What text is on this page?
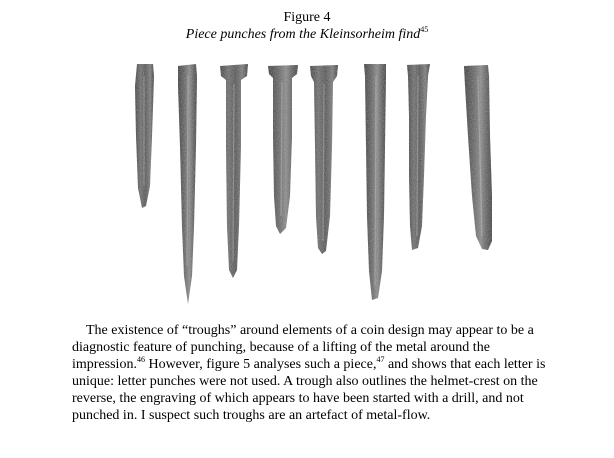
Figure 4
Piece punches from the Kleinsorheim find$^{45}$

The existence of “troughs” around elements of a coin design may appear to be a diagnostic feature of punching, because of a lifting of the metal around the impression.$^{46}$ However, figure 5 analyses such a piece,$^{47}$ and shows that each letter is unique: letter punches were not used. A trough also outlines the helmet-crest on the reverse, the engraving of which appears to have been started with a drill, and not punched in. I suspect such troughs are an artefact of metal-flow.
